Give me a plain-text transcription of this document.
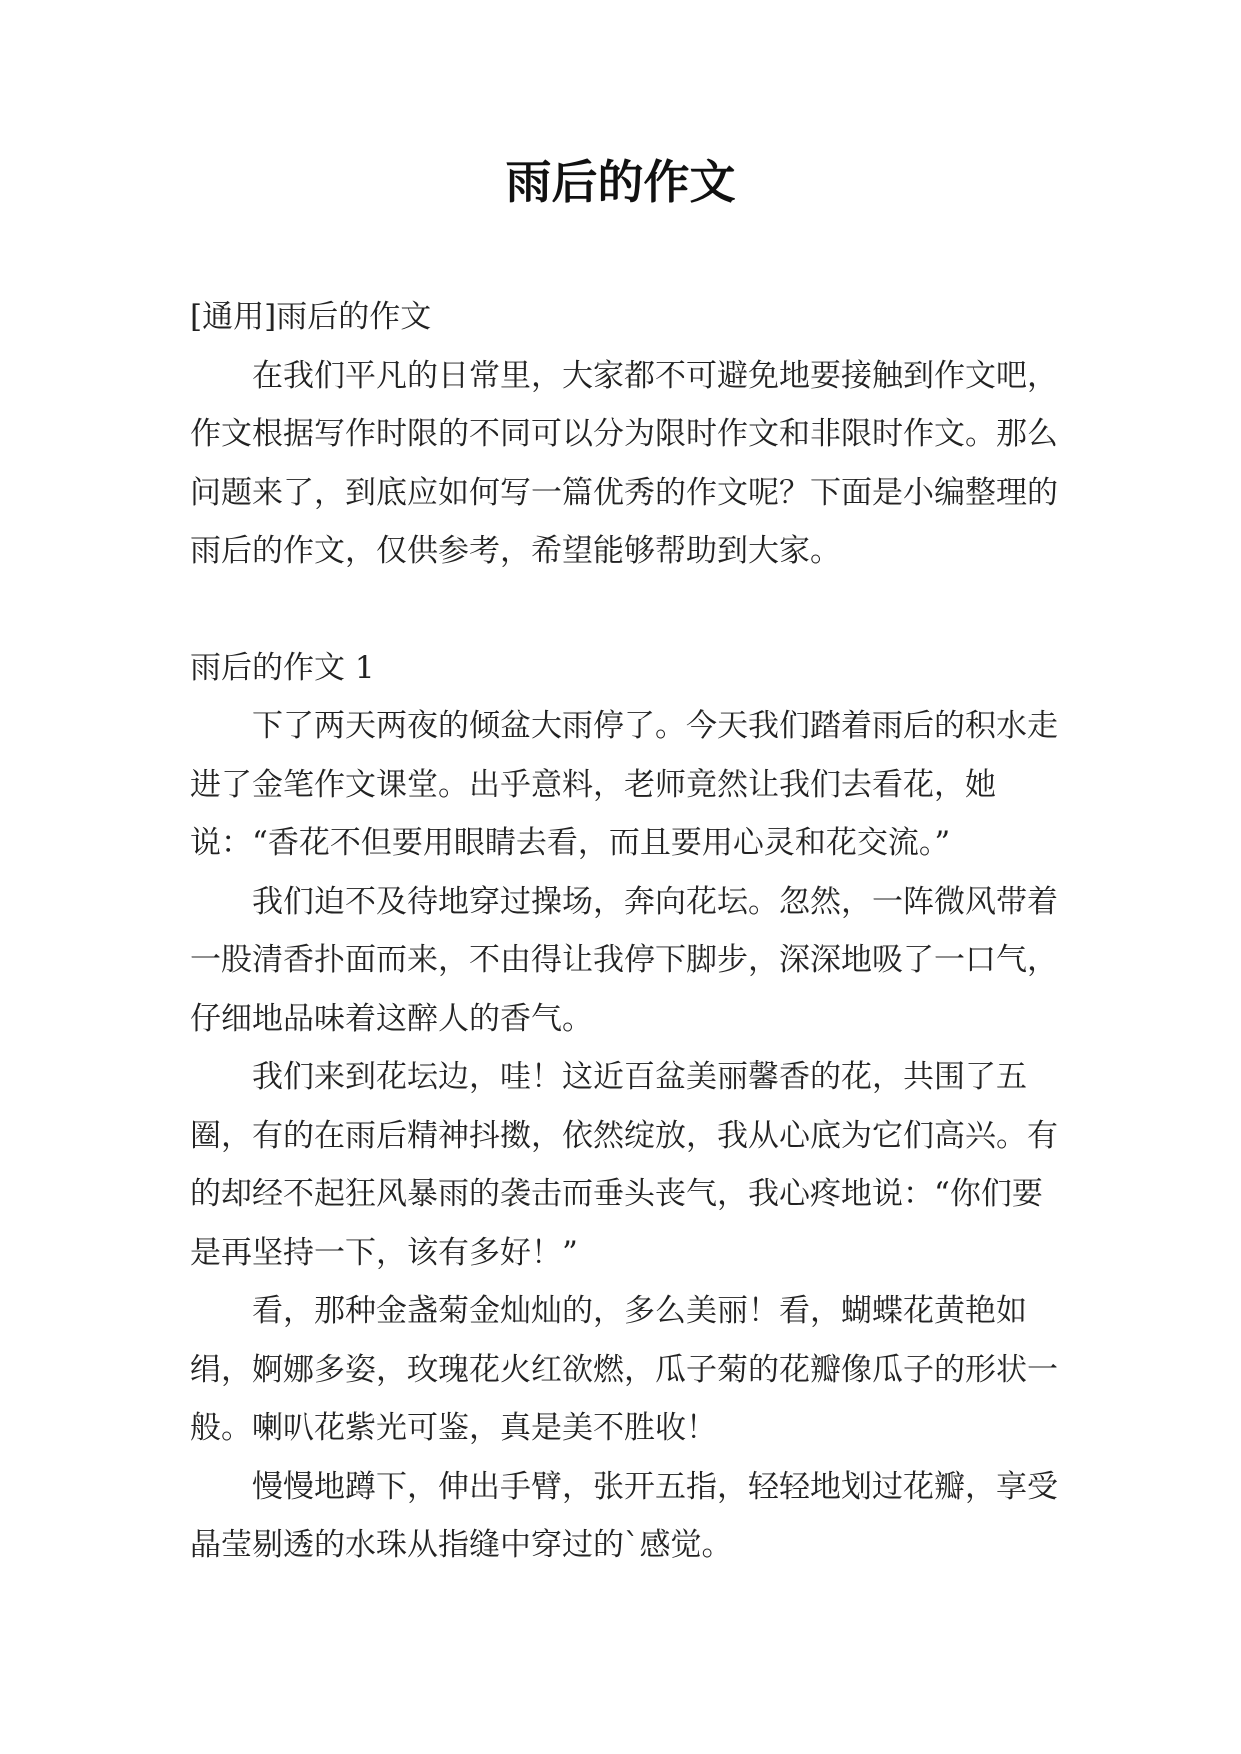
雨后的作文

[通用]雨后的作文

在我们平凡的日常里，大家都不可避免地要接触到作文吧，作文根据写作时限的不同可以分为限时作文和非限时作文。那么问题来了，到底应如何写一篇优秀的作文呢？下面是小编整理的雨后的作文，仅供参考，希望能够帮助到大家。

雨后的作文 1

下了两天两夜的倾盆大雨停了。今天我们踏着雨后的积水走进了金笔作文课堂。出乎意料，老师竟然让我们去看花，她说：“香花不但要用眼睛去看，而且要用心灵和花交流。”

我们迫不及待地穿过操场，奔向花坛。忽然，一阵微风带着一股清香扑面而来，不由得让我停下脚步，深深地吸了一口气，仔细地品味着这醉人的香气。

我们来到花坛边，哇！这近百盆美丽馨香的花，共围了五圈，有的在雨后精神抖擞，依然绽放，我从心底为它们高兴。有的却经不起狂风暴雨的袭击而垂头丧气，我心疼地说：“你们要是再坚持一下，该有多好！”

看，那种金盏菊金灿灿的，多么美丽！看，蝴蝶花黄艳如绢，婀娜多姿，玫瑰花火红欲燃，瓜子菊的花瓣像瓜子的形状一般。喇叭花紫光可鉴，真是美不胜收！

慢慢地蹲下，伸出手臂，张开五指，轻轻地划过花瓣，享受晶莹剔透的水珠从指缝中穿过的`感觉。
